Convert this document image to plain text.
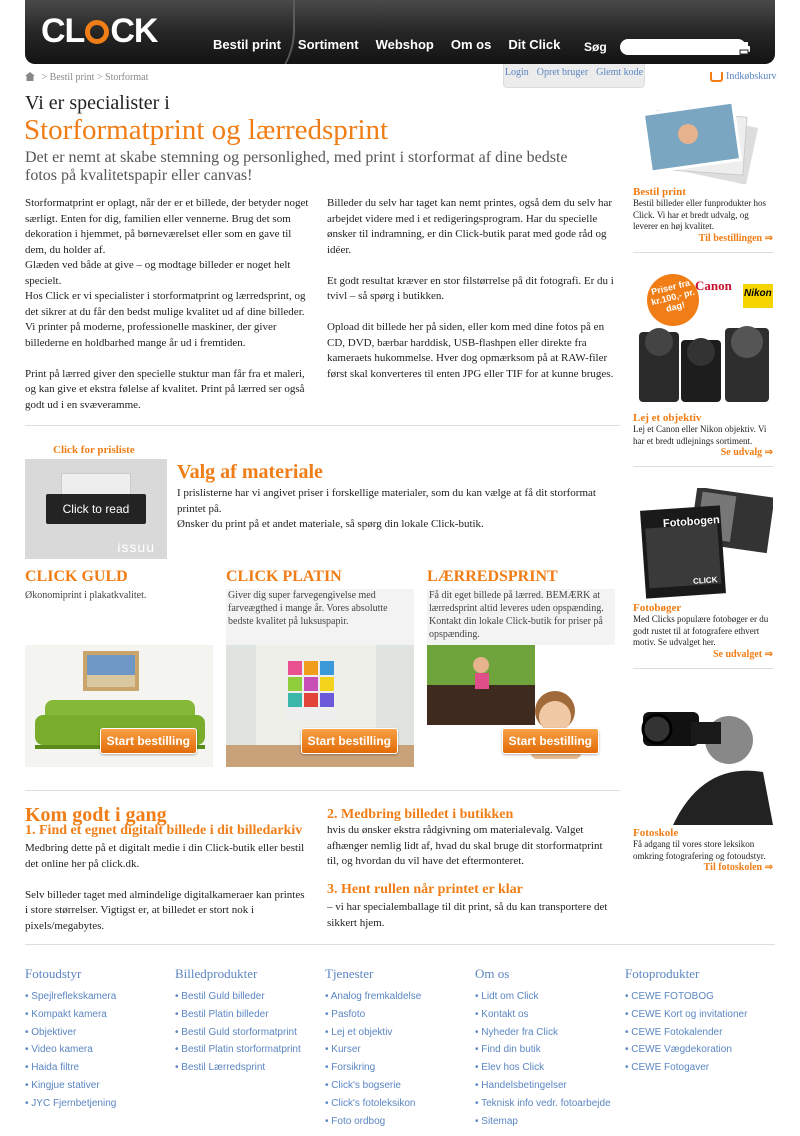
CL CK	Bestil print Sortiment Webshop Om os Dit Click Søg
> Bestil print > Storformat	Login Opret bruger Glemt kode	Indkøbskurv
Vi er specialister i
Storformatprint og lærredsprint
Det er nemt at skabe stemning og personlighed, med print i storformat af dine bedste fotos på kvalitetspapir eller canvas!

Storformatprint er oplagt, når der er et billede, der betyder noget særligt. Enten for dig, familien eller vennerne. Brug det som dekoration i hjemmet, på børneværelset eller som en gave til dem, du holder af.
Glæden ved både at give – og modtage billeder er noget helt specielt.
Hos Click er vi specialister i storformatprint og lærredsprint, og det sikrer at du får den bedst mulige kvalitet ud af dine billeder. Vi printer på moderne, professionelle maskiner, der giver billederne en holdbarhed mange år ud i fremtiden.

Print på lærred giver den specielle stuktur man får fra et maleri, og kan give et ekstra følelse af kvalitet. Print på lærred ser også godt ud i en svæveramme.

Billeder du selv har taget kan nemt printes, også dem du selv har arbejdet videre med i et redigeringsprogram. Har du specielle ønsker til indramning, er din Click-butik parat med gode råd og idéer.

Et godt resultat kræver en stor filstørrelse på dit fotografi. Er du i tvivl – så spørg i butikken.

Opload dit billede her på siden, eller kom med dine fotos på en CD, DVD, bærbar harddisk, USB-flashpen eller direkte fra kameraets hukommelse. Hver dog opmærksom på at RAW-filer først skal konverteres til enten JPG eller TIF for at kunne bruges.

Click for prisliste
Click to read
issuu
Valg af materiale
I prislisterne har vi angivet priser i forskellige materialer, som du kan vælge at få dit storformat printet på.
Ønsker du print på et andet materiale, så spørg din lokale Click-butik.
CLICK GULD
Økonomiprint i plakatkvalitet.
Start bestilling
CLICK PLATIN
Giver dig super farvegengivelse med farveægthed i mange år. Vores absolutte bedste kvalitet på luksuspapir.
Start bestilling
LÆRREDSPRINT
Få dit eget billede på lærred. BEMÆRK at lærredsprint altid leveres uden opspænding. Kontakt din lokale Click-butik for priser på opspænding.
Start bestilling
Kom godt i gang
1. Find et egnet digitalt billede i dit billedarkiv

Medbring dette på et digitalt medie i din Click-butik eller bestil det online her på click.dk.

Selv billeder taget med almindelige digitalkameraer kan printes i store størrelser. Vigtigst er, at billedet er stort nok i pixels/megabytes.

2. Medbring billedet i butikken
hvis du ønsker ekstra rådgivning om materialevalg. Valget afhænger nemlig lidt af, hvad du skal bruge dit storformatprint til, og hvordan du vil have det eftermonteret.
3. Hent rullen når printet er klar
– vi har specialemballage til dit print, så du kan transportere det sikkert hjem.
Bestil print
Bestil billeder eller funprodukter hos Click. Vi har et bredt udvalg, og leverer en høj kvalitet.
Til bestillingen ⇒
Priser fra kr.100,- pr. dag!
Canon
Nikon
Lej et objektiv
Lej et Canon eller Nikon objektiv. Vi har et bredt udlejnings sortiment.
Se udvalg ⇒
Fotobogen
CLICK
Fotobøger
Med Clicks populære fotobøger er du godt rustet til at fotografere ethvert motiv. Se udvalget her.
Se udvalget ⇒
Fotoskole
Få adgang til vores store leksikon omkring fotografering og fotoudstyr.
Til fotoskolen ⇒
Fotoudstyr
• Spejlreflekskamera
• Kompakt kamera
• Objektiver
• Video kamera
• Haida filtre
• Kingjue stativer
• JYC Fjernbetjening
Billedprodukter
• Bestil Guld billeder
• Bestil Platin billeder
• Bestil Guld storformatprint
• Bestil Platin storformatprint
• Bestil Lærredsprint
Tjenester
• Analog fremkaldelse
• Pasfoto
• Lej et objektiv
• Kurser
• Forsikring
• Click's bogserie
• Click's fotoleksikon
• Foto ordbog
Om os
• Lidt om Click
• Kontakt os
• Nyheder fra Click
• Find din butik
• Elev hos Click
• Handelsbetingelser
• Teknisk info vedr. fotoarbejde
• Sitemap
Fotoprodukter
• CEWE FOTOBOG
• CEWE Kort og invitationer
• CEWE Fotokalender
• CEWE Vægdekoration
• CEWE Fotogaver
